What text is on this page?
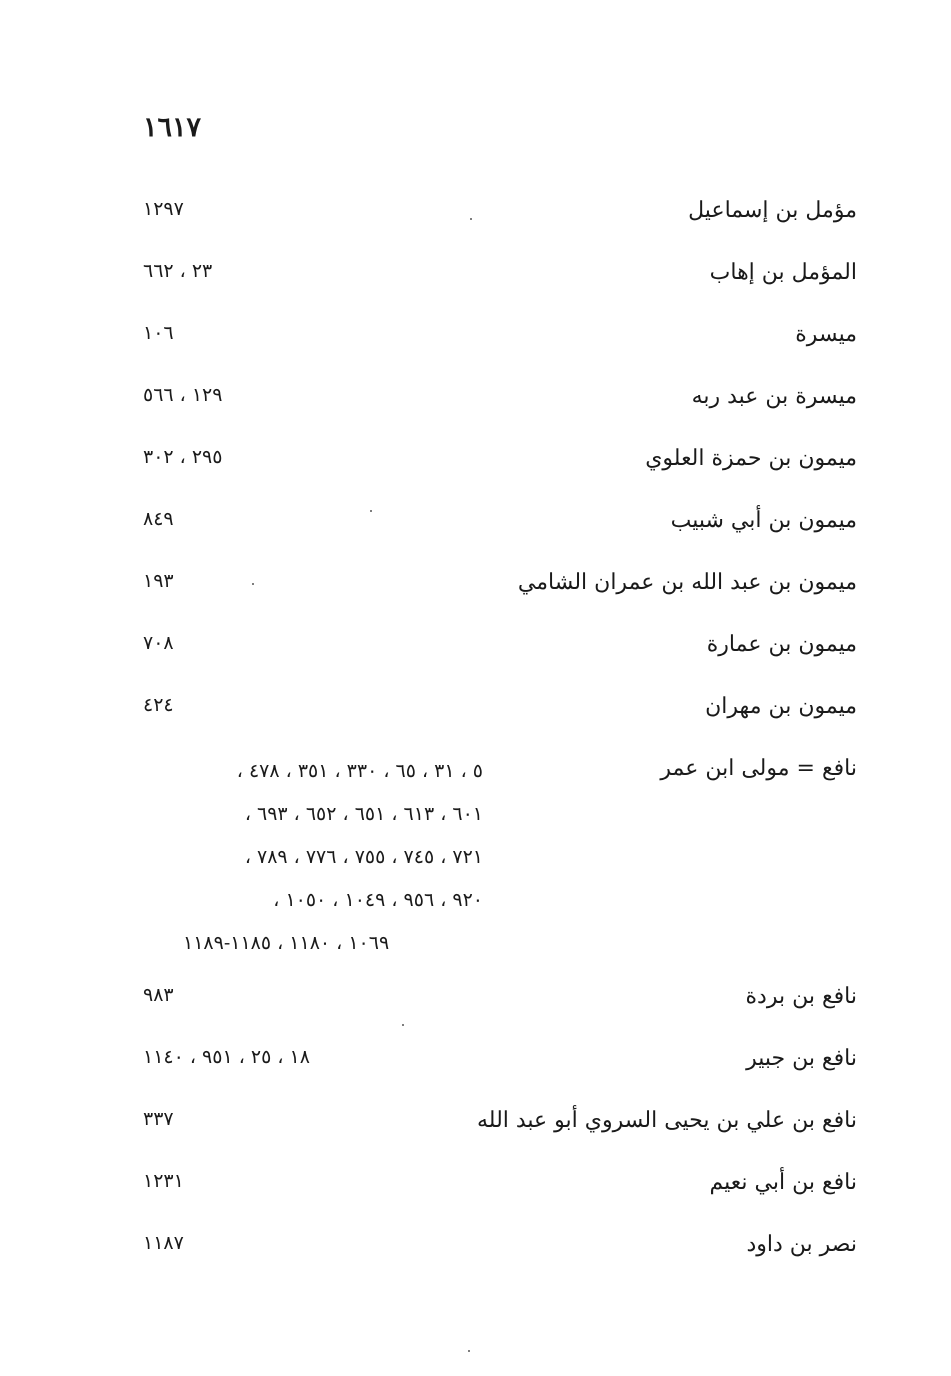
١٦١٧
مؤمل بن إسماعيل
١٢٩٧
المؤمل بن إهاب
٢٣ ، ٦٦٢
ميسرة
١٠٦
ميسرة بن عبد ربه
١٢٩ ، ٥٦٦
ميمون بن حمزة العلوي
٢٩٥ ، ٣٠٢
ميمون بن أبي شبيب
٨٤٩
ميمون بن عبد الله بن عمران الشامي
١٩٣
ميمون بن عمارة
٧٠٨
ميمون بن مهران
٤٢٤
نافع = مولى ابن عمر
٥ ، ٣١ ، ٦٥ ، ٣٣٠ ، ٣٥١ ، ٤٧٨ ،
٦٠١ ، ٦١٣ ، ٦٥١ ، ٦٥٢ ، ٦٩٣ ،
٧٢١ ، ٧٤٥ ، ٧٥٥ ، ٧٧٦ ، ٧٨٩ ،
٩٢٠ ، ٩٥٦ ، ١٠٤٩ ، ١٠٥٠ ،
١٠٦٩ ، ١١٨٠ ، ١١٨٥-١١٨٩
نافع بن بردة
٩٨٣
نافع بن جبير
١٨ ، ٢٥ ، ٩٥١ ، ١١٤٠
نافع بن علي بن يحيى السروي أبو عبد الله
٣٣٧
نافع بن أبي نعيم
١٢٣١
نصر بن داود
١١٨٧
